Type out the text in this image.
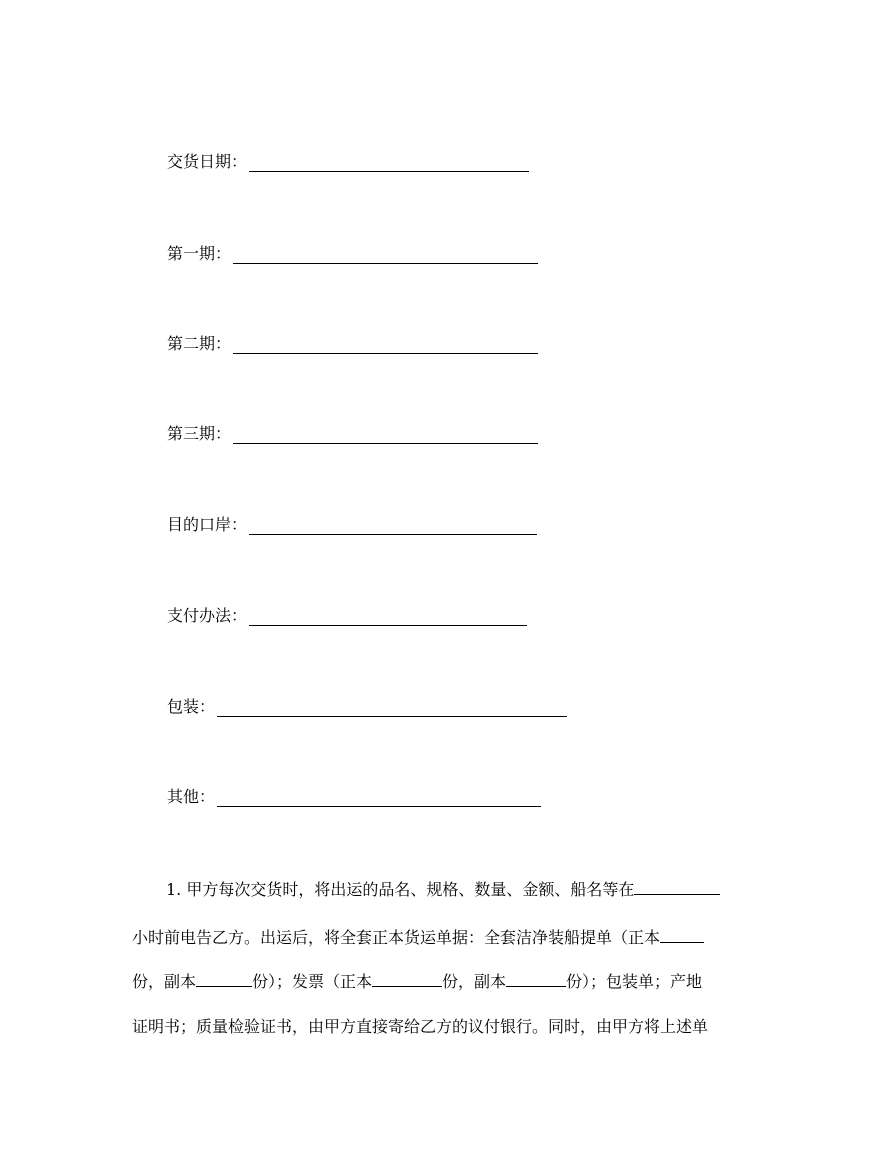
交货日期：
第一期：
第二期：
第三期：
目的口岸：
支付办法：
包装：
其他：
1. 甲方每次交货时，将出运的品名、规格、数量、金额、船名等在
小时前电告乙方。出运后，将全套正本货运单据：全套洁净装船提单（正本
份，副本	份）；发票（正本	份，副本	份）；包装单；产地
证明书；质量检验证书，由甲方直接寄给乙方的议付银行。同时，由甲方将上述单
